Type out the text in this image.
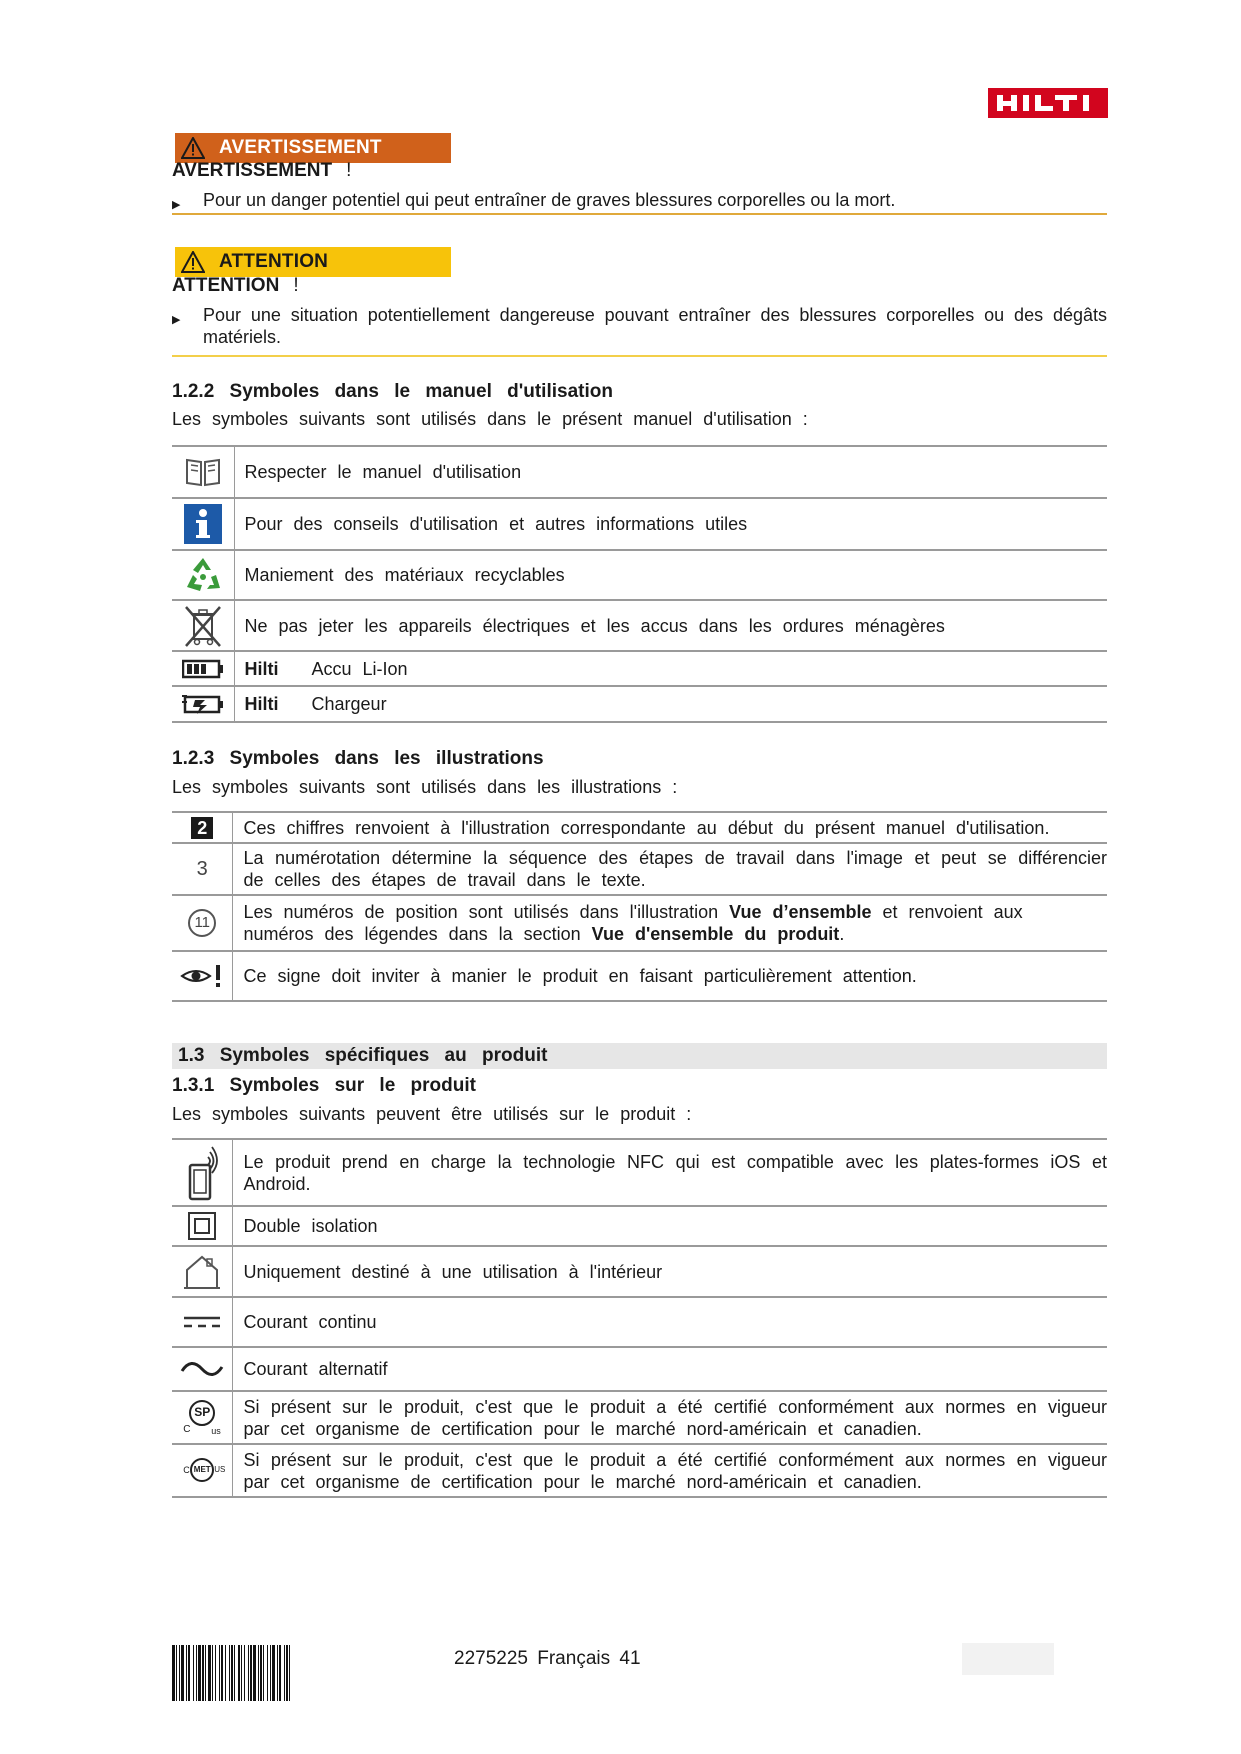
AVERTISSEMENT
AVERTISSEMENT !
▶	Pour un danger potentiel qui peut entraîner de graves blessures corporelles ou la mort.
ATTENTION
ATTENTION !
▶	Pour une situation potentiellement dangereuse pouvant entraîner des blessures corporelles ou des dégâts matériels.
1.2.2 Symboles dans le manuel d'utilisation
Les symboles suivants sont utilisés dans le présent manuel d'utilisation :
	Respecter le manuel d'utilisation

	Pour des conseils d'utilisation et autres informations utiles

	Maniement des matériaux recyclables

	Ne pas jeter les appareils électriques et les accus dans les ordures ménagères

	Hilti Accu Li-Ion

	Hilti Chargeur
1.2.3 Symboles dans les illustrations
Les symboles suivants sont utilisés dans les illustrations :
2	Ces chiffres renvoient à l'illustration correspondante au début du présent manuel d'utilisation.

3	La numérotation détermine la séquence des étapes de travail dans l'image et peut se différencier de celles des étapes de travail dans le texte.

11	Les numéros de position sont utilisés dans l'illustration Vue d’ensemble et renvoient aux numéros des légendes dans la section Vue d'ensemble du produit.

	Ce signe doit inviter à manier le produit en faisant particulièrement attention.
1.3 Symboles spécifiques au produit
1.3.1 Symboles sur le produit
Les symboles suivants peuvent être utilisés sur le produit :
	Le produit prend en charge la technologie NFC qui est compatible avec les plates-formes iOS et Android.

	Double isolation

	Uniquement destiné à une utilisation à l'intérieur

	Courant continu

	Courant alternatif

SP
C us	Si présent sur le produit, c'est que le produit a été certifié conformément aux normes en vigueur par cet organisme de certification pour le marché nord-américain et canadien.

C MET US	Si présent sur le produit, c'est que le produit a été certifié conformément aux normes en vigueur par cet organisme de certification pour le marché nord-américain et canadien.
2275225 Français 41
